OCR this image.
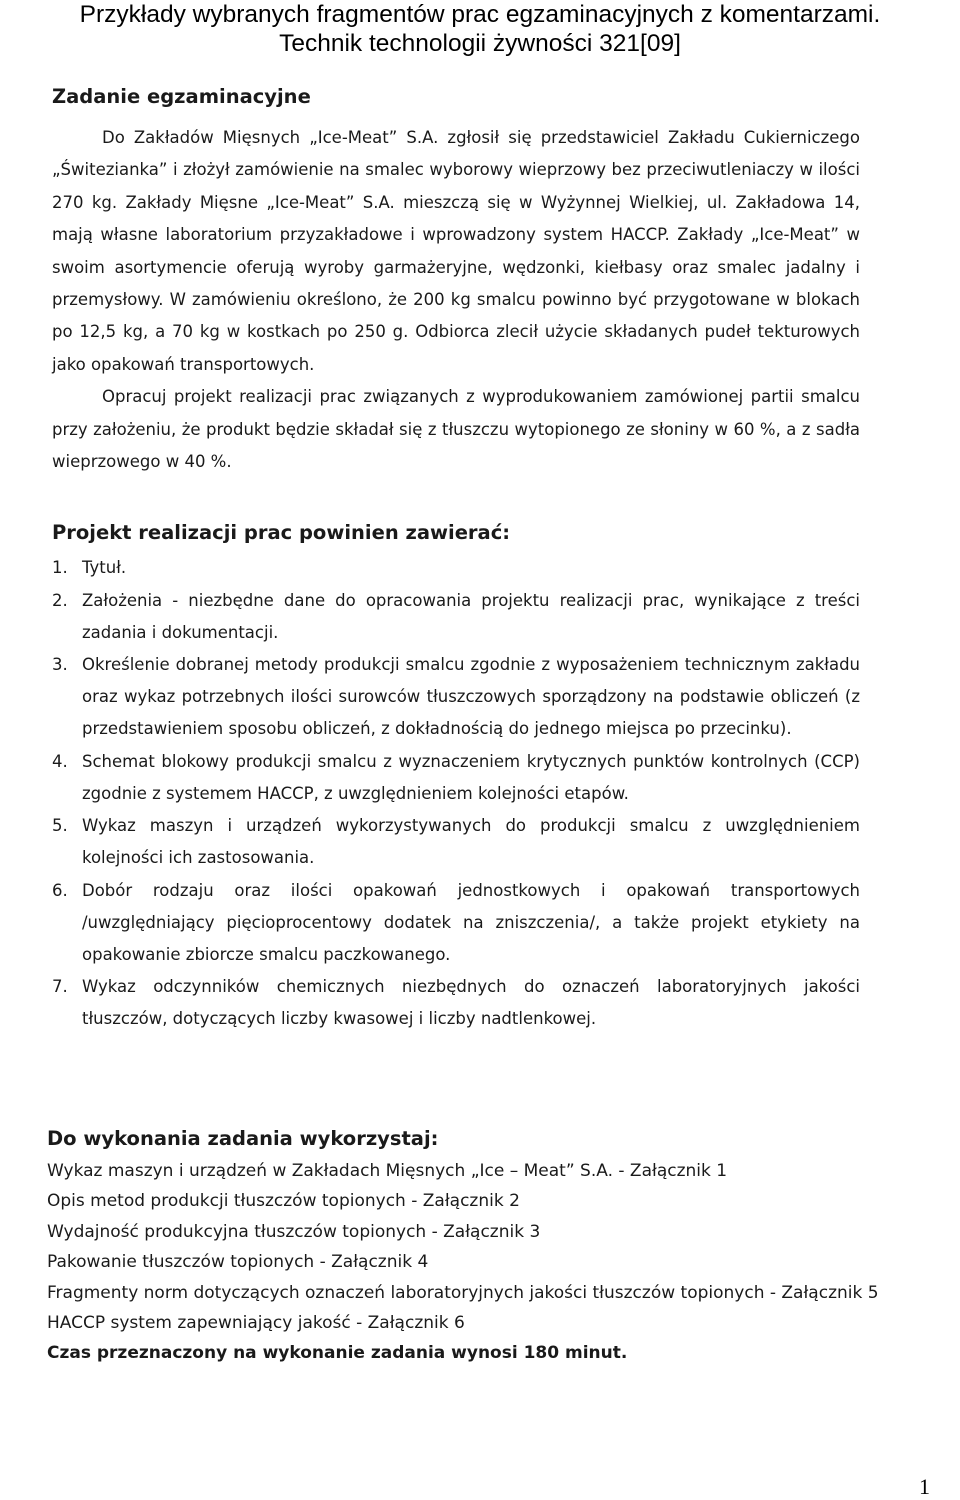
Przykłady wybranych fragmentów prac egzaminacyjnych z komentarzami.
Technik technologii żywności 321[09]
Zadanie egzaminacyjne

Do Zakładów Mięsnych „Ice-Meat” S.A. zgłosił się przedstawiciel Zakładu Cukierniczego „Świtezianka” i złożył zamówienie na smalec wyborowy wieprzowy bez przeciwutleniaczy w ilości 270 kg. Zakłady Mięsne „Ice-Meat” S.A. mieszczą się w Wyżynnej Wielkiej, ul. Zakładowa 14, mają własne laboratorium przyzakładowe i wprowadzony system HACCP. Zakłady „Ice-Meat” w swoim asortymencie oferują wyroby garmażeryjne, wędzonki, kiełbasy oraz smalec jadalny i przemysłowy. W zamówieniu określono, że 200 kg smalcu powinno być przygotowane w blokach po 12,5 kg, a 70 kg w kostkach po 250 g. Odbiorca zlecił użycie składanych pudeł tekturowych jako opakowań transportowych.

Opracuj projekt realizacji prac związanych z wyprodukowaniem zamówionej partii smalcu przy założeniu, że produkt będzie składał się z tłuszczu wytopionego ze słoniny w 60 %, a z sadła wieprzowego w 40 %.

Projekt realizacji prac powinien zawierać:
1. Tytuł.
2. Założenia - niezbędne dane do opracowania projektu realizacji prac, wynikające z treści zadania i dokumentacji.
3. Określenie dobranej metody produkcji smalcu zgodnie z wyposażeniem technicznym zakładu oraz wykaz potrzebnych ilości surowców tłuszczowych sporządzony na podstawie obliczeń (z przedstawieniem sposobu obliczeń, z dokładnością do jednego miejsca po przecinku).
4. Schemat blokowy produkcji smalcu z wyznaczeniem krytycznych punktów kontrolnych (CCP) zgodnie z systemem HACCP, z uwzględnieniem kolejności etapów.
5. Wykaz maszyn i urządzeń wykorzystywanych do produkcji smalcu z uwzględnieniem kolejności ich zastosowania.
6. Dobór rodzaju oraz ilości opakowań jednostkowych i opakowań transportowych /uwzględniający pięcioprocentowy dodatek na zniszczenia/, a także projekt etykiety na opakowanie zbiorcze smalcu paczkowanego.
7. Wykaz odczynników chemicznych niezbędnych do oznaczeń laboratoryjnych jakości tłuszczów, dotyczących liczby kwasowej i liczby nadtlenkowej.
Do wykonania zadania wykorzystaj:
Wykaz maszyn i urządzeń w Zakładach Mięsnych „Ice – Meat” S.A. - Załącznik 1
Opis metod produkcji tłuszczów topionych - Załącznik 2
Wydajność produkcyjna tłuszczów topionych - Załącznik 3
Pakowanie tłuszczów topionych - Załącznik 4
Fragmenty norm dotyczących oznaczeń laboratoryjnych jakości tłuszczów topionych - Załącznik 5
HACCP system zapewniający jakość - Załącznik 6
Czas przeznaczony na wykonanie zadania wynosi 180 minut.
1
